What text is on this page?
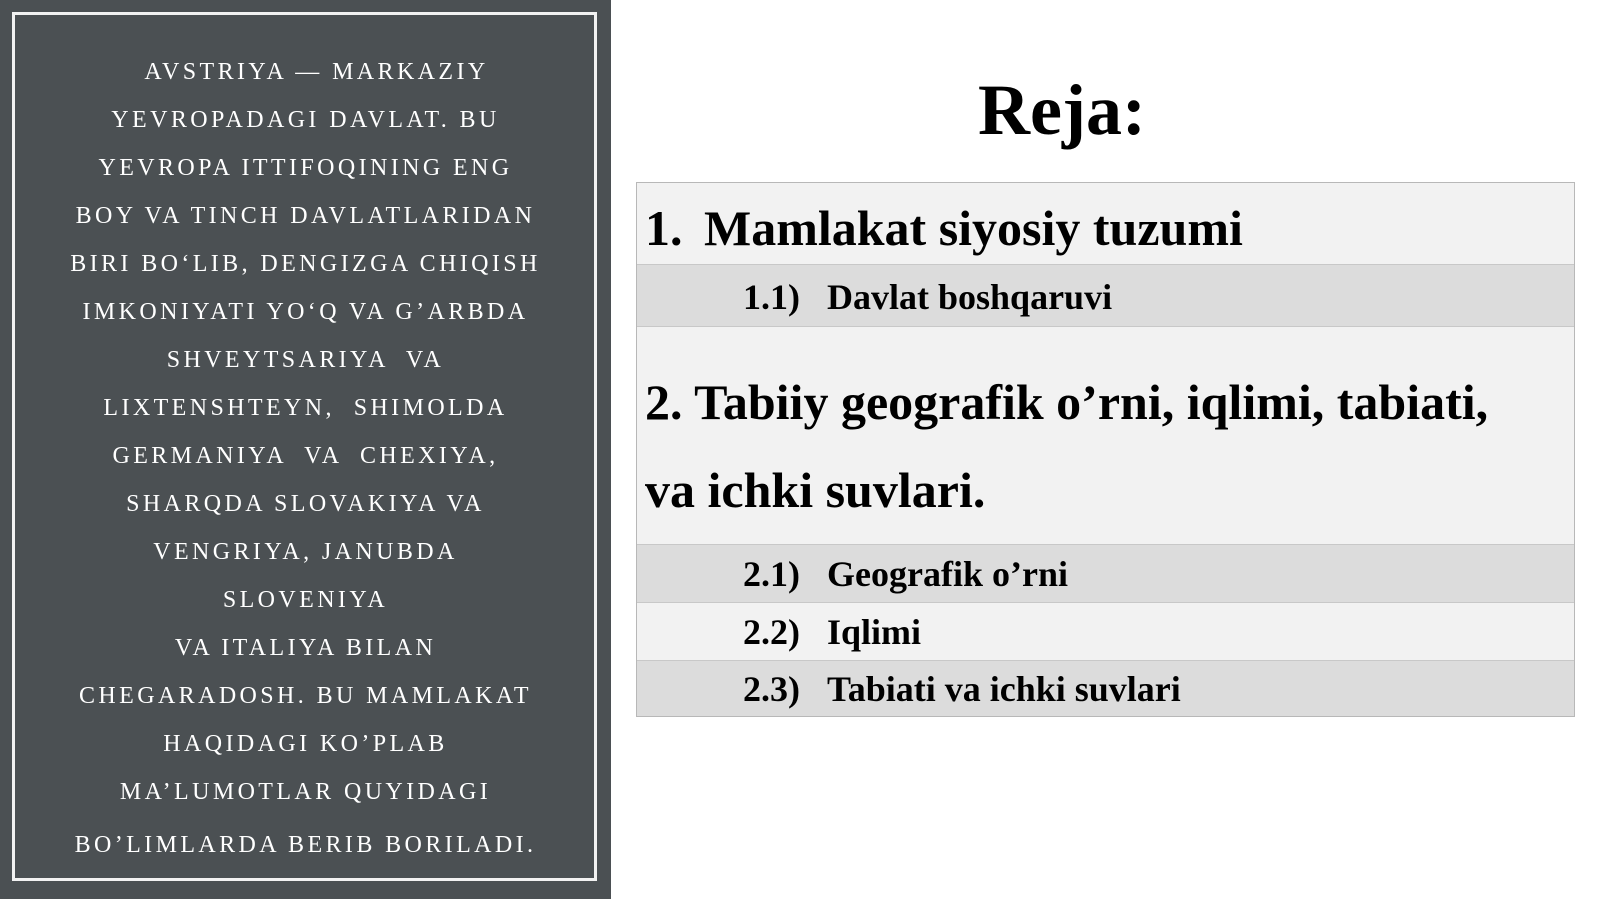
AVSTRIYA — MARKAZIY
YEVROPADAGI DAVLAT. BU
YEVROPA ITTIFOQINING ENG
BOY VA TINCH DAVLATLARIDAN
BIRI BO‘LIB, DENGIZGA CHIQISH
IMKONIYATI YO‘Q VA G’ARBDA
SHVEYTSARIYA  VA
LIXTENSHTEYN,  SHIMOLDA
GERMANIYA  VA  CHEXIYA,
SHARQDA SLOVAKIYA VA
VENGRIYA, JANUBDA
SLOVENIYA
VA ITALIYA BILAN
CHEGARADOSH. BU MAMLAKAT
HAQIDAGI KO’PLAB
MA’LUMOTLAR QUYIDAGI
BO’LIMLARDA BERIB BORILADI.
Reja:
1. Mamlakat siyosiy tuzumi
1.1) Davlat boshqaruvi
2. Tabiiy geografik o’rni, iqlimi, tabiati,
va ichki suvlari.
2.1) Geografik o’rni
2.2) Iqlimi
2.3) Tabiati va ichki suvlari
